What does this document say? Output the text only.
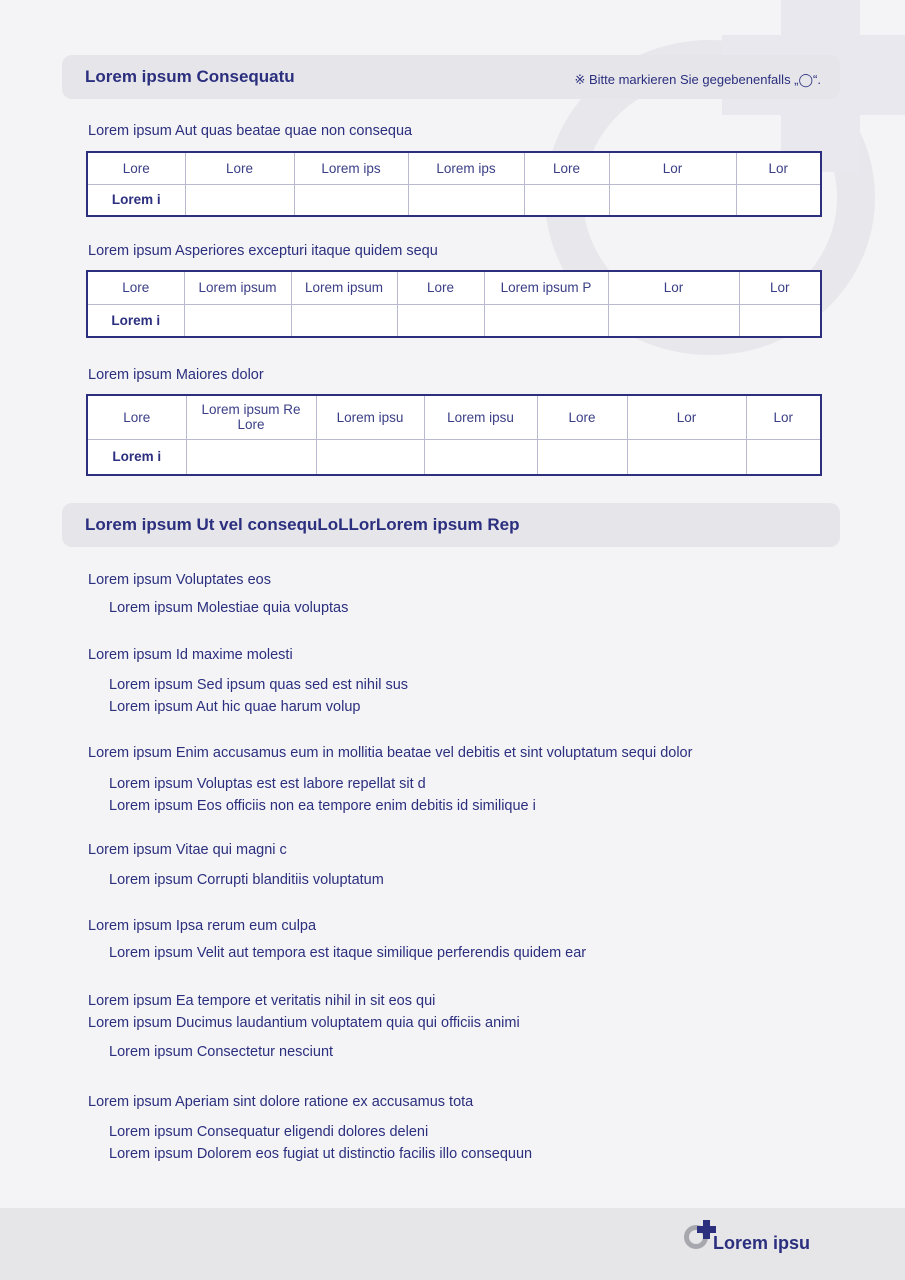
Lorem ipsum Consequatu	※ Bitte markieren Sie gegebenenfalls „◯“.
Lorem ipsum Aut quas beatae quae non consequa
Lore	Lore	Lorem ips	Lorem ips	Lore	Lor	Lor
Lorem i						
Lorem ipsum Asperiores excepturi itaque quidem sequ
Lore	Lorem ipsum	Lorem ipsum	Lore	Lorem ipsum P	Lor	Lor
Lorem i						
Lorem ipsum Maiores dolor
Lore	Lorem ipsum Re Lore	Lorem ipsu	Lorem ipsu	Lore	Lor	Lor
Lorem i						
Lorem ipsum Ut vel consequLoLLorLorem ipsum Rep
Lorem ipsum Voluptates eos
Lorem ipsum Molestiae quia voluptas
Lorem ipsum Id maxime molesti
Lorem ipsum Sed ipsum quas sed est nihil sus
Lorem ipsum Aut hic quae harum volup
Lorem ipsum Enim accusamus eum in mollitia beatae vel debitis et sint voluptatum sequi dolor
Lorem ipsum Voluptas est est labore repellat sit d
Lorem ipsum Eos officiis non ea tempore enim debitis id similique i
Lorem ipsum Vitae qui magni c
Lorem ipsum Corrupti blanditiis voluptatum
Lorem ipsum Ipsa rerum eum culpa
Lorem ipsum Velit aut tempora est itaque similique perferendis quidem ear
Lorem ipsum Ea tempore et veritatis nihil in sit eos qui
Lorem ipsum Ducimus laudantium voluptatem quia qui officiis animi
Lorem ipsum Consectetur nesciunt
Lorem ipsum Aperiam sint dolore ratione ex accusamus tota
Lorem ipsum Consequatur eligendi dolores deleni
Lorem ipsum Dolorem eos fugiat ut distinctio facilis illo consequun
Lorem ipsu
